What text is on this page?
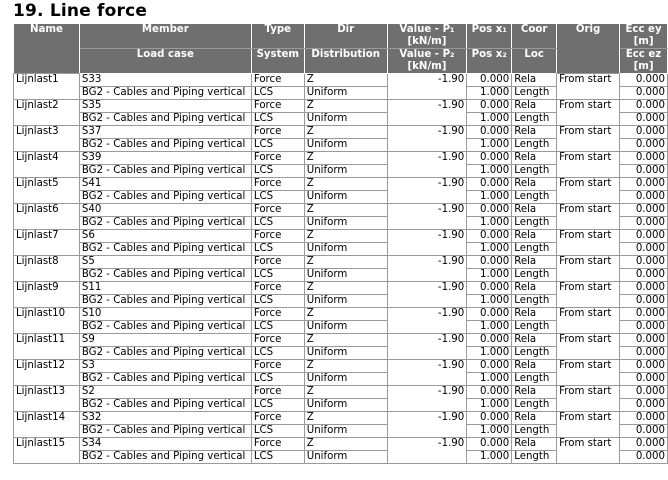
19. Line force
Name	Member	Type	Dir	Value - P₁ [kN/m]	Pos x₁	Coor	Orig	Ecc ey [m]
	Load case	System	Distribution	Value - P₂ [kN/m]	Pos x₂	Loc		Ecc ez [m]
Lijnlast1	S33	Force	Z	-1.90	0.000	Rela	From start	0.000
	BG2 - Cables and Piping vertical	LCS	Uniform		1.000	Length		0.000
Lijnlast2	S35	Force	Z	-1.90	0.000	Rela	From start	0.000
	BG2 - Cables and Piping vertical	LCS	Uniform		1.000	Length		0.000
Lijnlast3	S37	Force	Z	-1.90	0.000	Rela	From start	0.000
	BG2 - Cables and Piping vertical	LCS	Uniform		1.000	Length		0.000
Lijnlast4	S39	Force	Z	-1.90	0.000	Rela	From start	0.000
	BG2 - Cables and Piping vertical	LCS	Uniform		1.000	Length		0.000
Lijnlast5	S41	Force	Z	-1.90	0.000	Rela	From start	0.000
	BG2 - Cables and Piping vertical	LCS	Uniform		1.000	Length		0.000
Lijnlast6	S40	Force	Z	-1.90	0.000	Rela	From start	0.000
	BG2 - Cables and Piping vertical	LCS	Uniform		1.000	Length		0.000
Lijnlast7	S6	Force	Z	-1.90	0.000	Rela	From start	0.000
	BG2 - Cables and Piping vertical	LCS	Uniform		1.000	Length		0.000
Lijnlast8	S5	Force	Z	-1.90	0.000	Rela	From start	0.000
	BG2 - Cables and Piping vertical	LCS	Uniform		1.000	Length		0.000
Lijnlast9	S11	Force	Z	-1.90	0.000	Rela	From start	0.000
	BG2 - Cables and Piping vertical	LCS	Uniform		1.000	Length		0.000
Lijnlast10	S10	Force	Z	-1.90	0.000	Rela	From start	0.000
	BG2 - Cables and Piping vertical	LCS	Uniform		1.000	Length		0.000
Lijnlast11	S9	Force	Z	-1.90	0.000	Rela	From start	0.000
	BG2 - Cables and Piping vertical	LCS	Uniform		1.000	Length		0.000
Lijnlast12	S3	Force	Z	-1.90	0.000	Rela	From start	0.000
	BG2 - Cables and Piping vertical	LCS	Uniform		1.000	Length		0.000
Lijnlast13	S2	Force	Z	-1.90	0.000	Rela	From start	0.000
	BG2 - Cables and Piping vertical	LCS	Uniform		1.000	Length		0.000
Lijnlast14	S32	Force	Z	-1.90	0.000	Rela	From start	0.000
	BG2 - Cables and Piping vertical	LCS	Uniform		1.000	Length		0.000
Lijnlast15	S34	Force	Z	-1.90	0.000	Rela	From start	0.000
	BG2 - Cables and Piping vertical	LCS	Uniform		1.000	Length		0.000
